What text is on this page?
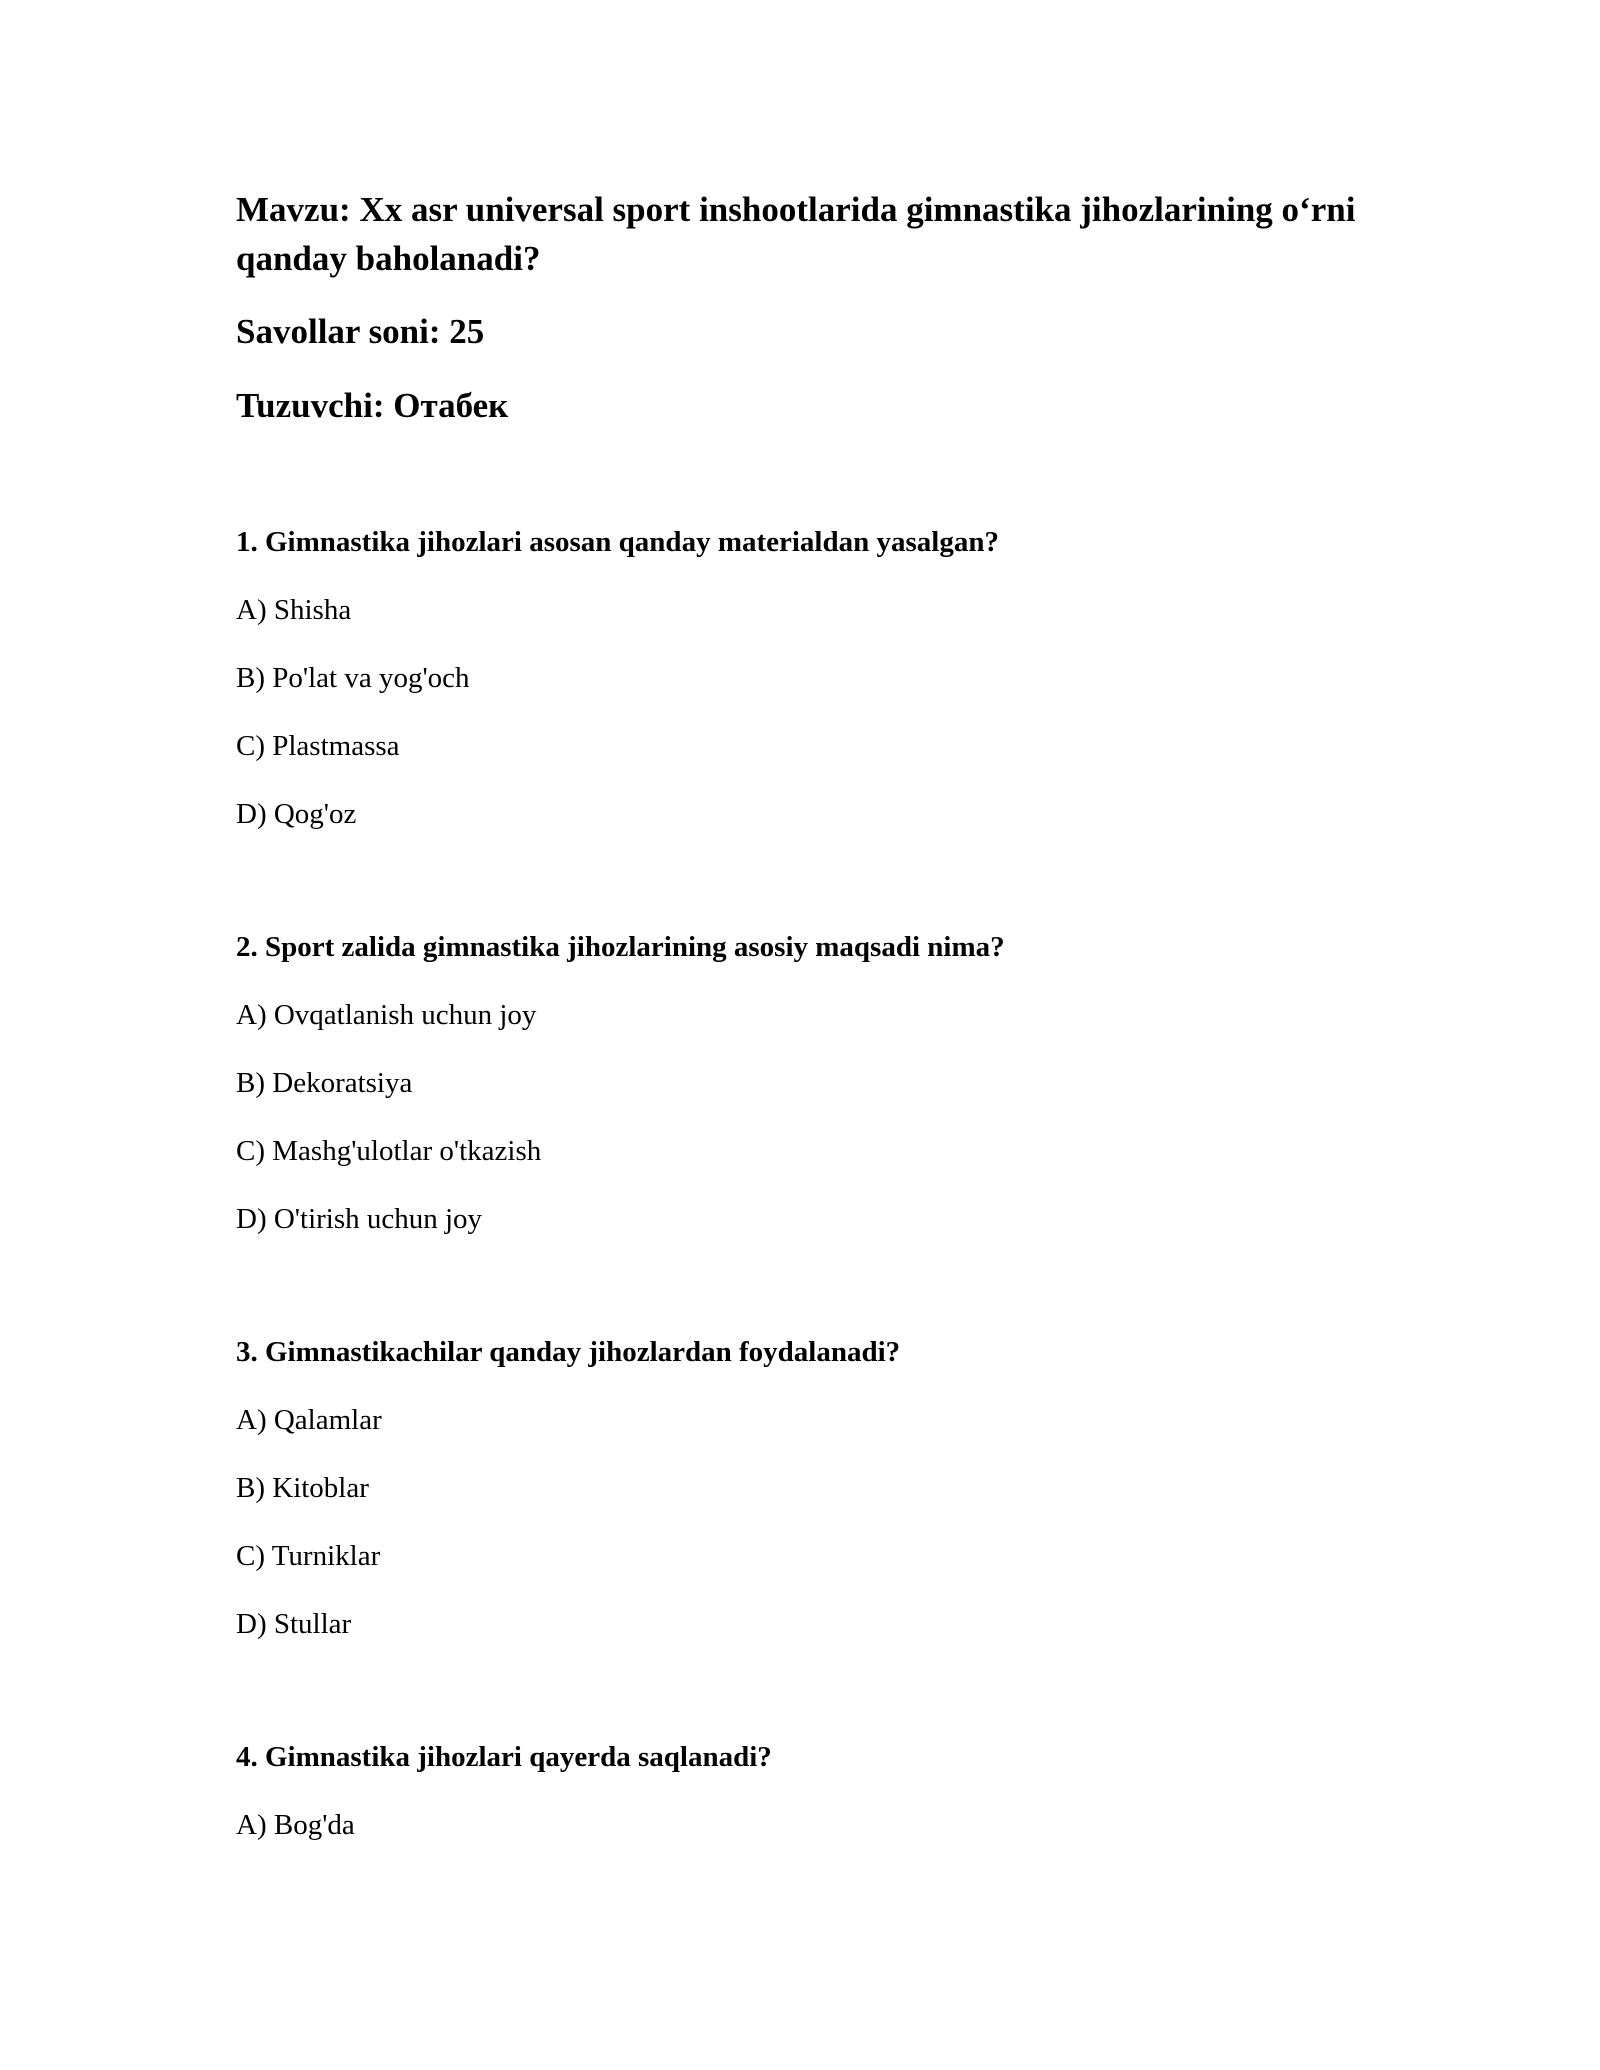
Mavzu: Xx asr universal sport inshootlarida gimnastika jihozlarining o‘rni qanday baholanadi?

Savollar soni: 25

Tuzuvchi: Отабек

1. Gimnastika jihozlari asosan qanday materialdan yasalgan?

A) Shisha

B) Po'lat va yog'och

C) Plastmassa

D) Qog'oz

2. Sport zalida gimnastika jihozlarining asosiy maqsadi nima?

A) Ovqatlanish uchun joy

B) Dekoratsiya

C) Mashg'ulotlar o'tkazish

D) O'tirish uchun joy

3. Gimnastikachilar qanday jihozlardan foydalanadi?

A) Qalamlar

B) Kitoblar

C) Turniklar

D) Stullar

4. Gimnastika jihozlari qayerda saqlanadi?

A) Bog'da
